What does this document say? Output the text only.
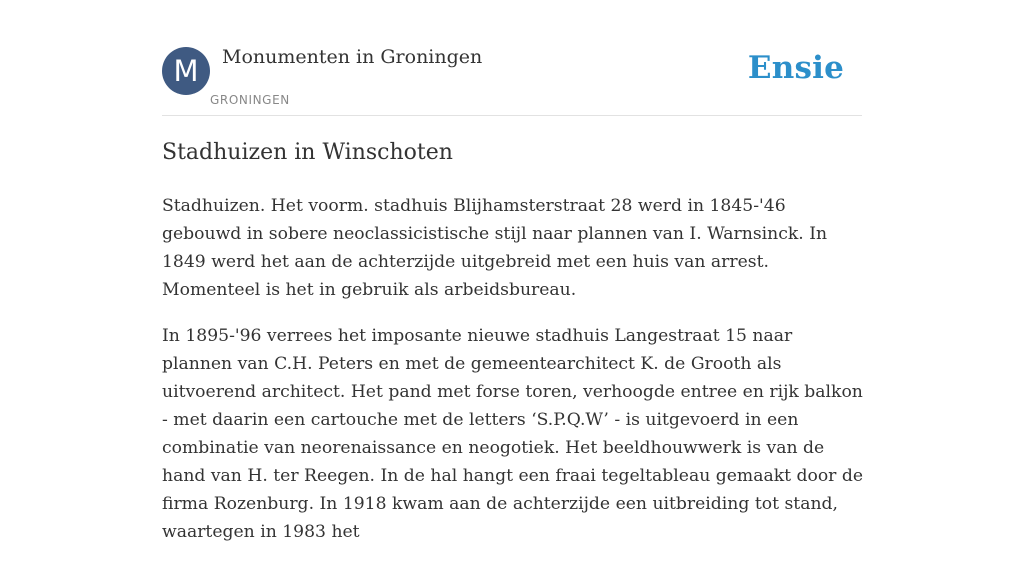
M	Monumenten in Groningen
GRONINGEN
Ensie
Stadhuizen in Winschoten

Stadhuizen. Het voorm. stadhuis Blijhamsterstraat 28 werd in 1845-'46 gebouwd in sobere neoclassicistische stijl naar plannen van I. Warnsinck. In 1849 werd het aan de achterzijde uitgebreid met een huis van arrest. Momenteel is het in gebruik als arbeidsbureau.

In 1895-'96 verrees het imposante nieuwe stadhuis Langestraat 15 naar plannen van C.H. Peters en met de gemeentearchitect K. de Grooth als uitvoerend architect. Het pand met forse toren, verhoogde entree en rijk balkon - met daarin een cartouche met de letters ‘S.P.Q.W’ - is uitgevoerd in een combinatie van neorenaissance en neogotiek. Het beeldhouwwerk is van de hand van H. ter Reegen. In de hal hangt een fraai tegeltableau gemaakt door de firma Rozenburg. In 1918 kwam aan de achterzijde een uitbreiding tot stand, waartegen in 1983 het
